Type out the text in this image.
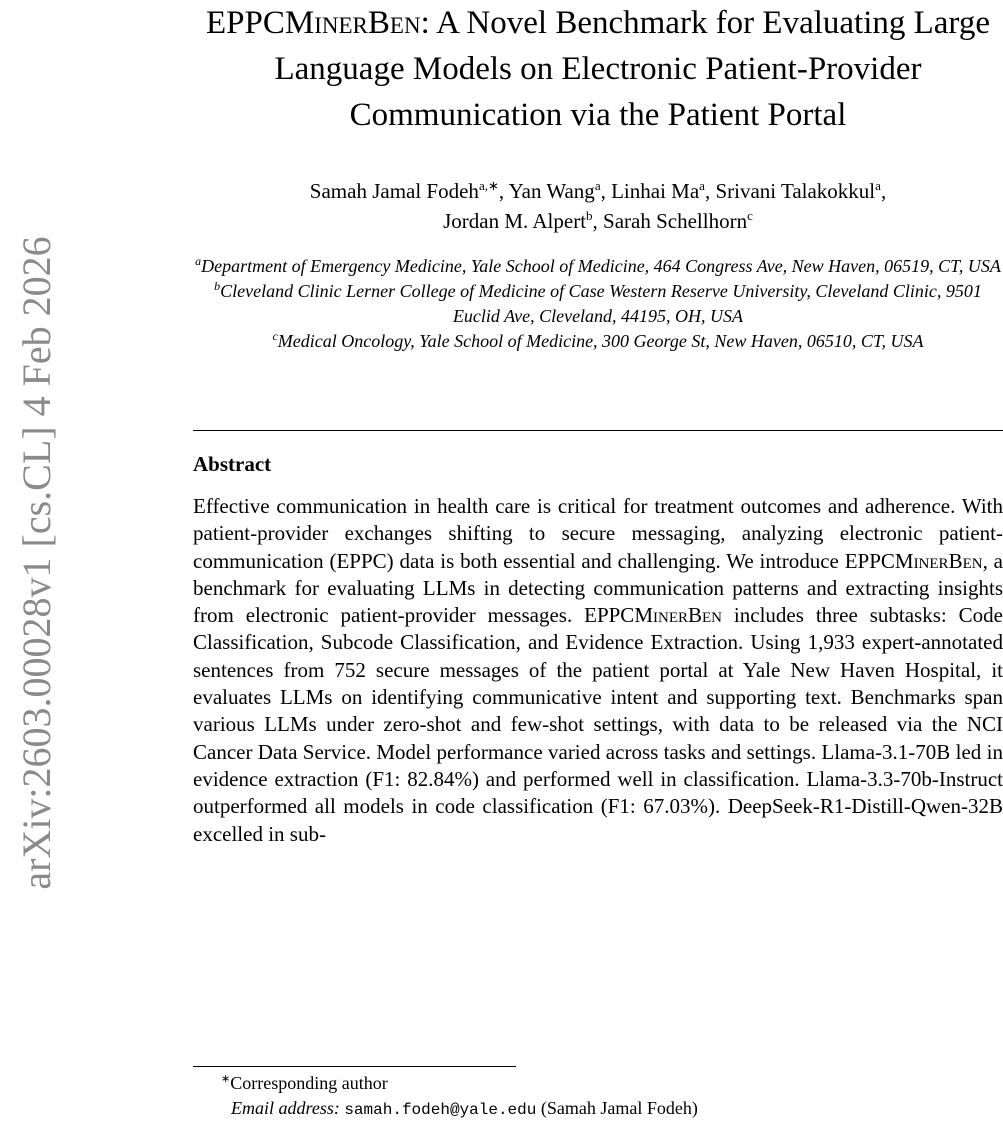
arXiv:2603.00028v1 [cs.CL] 4 Feb 2026
EPPCMinerBen: A Novel Benchmark for Evaluating Large Language Models on Electronic Patient-Provider Communication via the Patient Portal
Samah Jamal Fodeh$^{a,∗}$, Yan Wang$^a$, Linhai Ma$^a$, Srivani Talakokkul$^a$,
Jordan M. Alpert$^b$, Sarah Schellhorn$^c$

$^a$Department of Emergency Medicine, Yale School of Medicine, 464 Congress Ave, New Haven, 06519, CT, USA

$^b$Cleveland Clinic Lerner College of Medicine of Case Western Reserve University, Cleveland Clinic, 9501 Euclid Ave, Cleveland, 44195, OH, USA

$^c$Medical Oncology, Yale School of Medicine, 300 George St, New Haven, 06510, CT, USA

Abstract
Effective communication in health care is critical for treatment outcomes and adherence. With patient-provider exchanges shifting to secure messaging, analyzing electronic patient-communication (EPPC) data is both essential and challenging. We introduce EPPCMinerBen, a benchmark for evaluating LLMs in detecting communication patterns and extracting insights from electronic patient-provider messages. EPPCMinerBen includes three subtasks: Code Classification, Subcode Classification, and Evidence Extraction. Using 1,933 expert-annotated sentences from 752 secure messages of the patient portal at Yale New Haven Hospital, it evaluates LLMs on identifying communicative intent and supporting text. Benchmarks span various LLMs under zero-shot and few-shot settings, with data to be released via the NCI Cancer Data Service. Model performance varied across tasks and settings. Llama-3.1-70B led in evidence extraction (F1: 82.84%) and performed well in classification. Llama-3.3-70b-Instruct outperformed all models in code classification (F1: 67.03%). DeepSeek-R1-Distill-Qwen-32B excelled in sub-

∗Corresponding author

Email address: samah.fodeh@yale.edu (Samah Jamal Fodeh)
